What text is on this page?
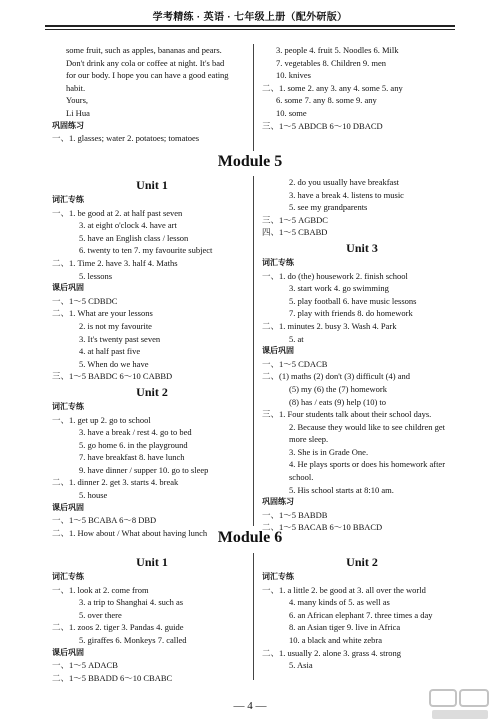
学考精练 · 英语 · 七年级上册（配外研版）
some fruit, such as apples, bananas and pears.
Don't drink any cola or coffee at night. It's bad
for our body. I hope you can have a good eating
habit.
Yours,
Li Hua
巩固练习
一、1. glasses; water 2. potatoes; tomatoes
3. people 4. fruit 5. Noodles 6. Milk
7. vegetables 8. Children 9. men
10. knives
二、1. some 2. any 3. any 4. some 5. any
6. some 7. any 8. some 9. any
10. some
三、1～5 ABDCB 6～10 DBACD
Module 5
Unit 1
词汇专练
一、1. be good at 2. at half past seven
3. at eight o'clock 4. have art
5. have an English class / lesson
6. twenty to ten 7. my favourite subject
二、1. Time 2. have 3. half 4. Maths
5. lessons
课后巩固
一、1～5 CDBDC
二、1. What are your lessons
2. is not my favourite
3. It's twenty past seven
4. at half past five
5. When do we have
三、1～5 BABDC 6～10 CABBD
Unit 2
词汇专练
一、1. get up 2. go to school
3. have a break / rest 4. go to bed
5. go home 6. in the playground
7. have breakfast 8. have lunch
9. have dinner / supper 10. go to sleep
二、1. dinner 2. get 3. starts 4. break
5. house
课后巩固
一、1～5 BCABA 6～8 DBD
二、1. How about / What about having lunch
2. do you usually have breakfast
3. have a break 4. listens to music
5. see my grandparents
三、1～5 AGBDC
四、1～5 CBABD
Unit 3
词汇专练
一、1. do (the) housework 2. finish school
3. start work 4. go swimming
5. play football 6. have music lessons
7. play with friends 8. do homework
二、1. minutes 2. busy 3. Wash 4. Park
5. at
课后巩固
一、1～5 CDACB
二、(1) maths (2) don't (3) difficult (4) and
(5) my (6) the (7) homework
(8) has / eats (9) help (10) to
三、1. Four students talk about their school days.
2. Because they would like to see children get
more sleep.
3. She is in Grade One.
4. He plays sports or does his homework after
school.
5. His school starts at 8:10 am.
巩固练习
一、1～5 BABDB
二、1～5 BACAB 6～10 BBACD
Module 6
Unit 1
词汇专练
一、1. look at 2. come from
3. a trip to Shanghai 4. such as
5. over there
二、1. zoos 2. tiger 3. Pandas 4. guide
5. giraffes 6. Monkeys 7. called
课后巩固
一、1～5 ADACB
二、1～5 BBADD 6～10 CBABC
Unit 2
词汇专练
一、1. a little 2. be good at 3. all over the world
4. many kinds of 5. as well as
6. an African elephant 7. three times a day
8. an Asian tiger 9. live in Africa
10. a black and white zebra
二、1. usually 2. alone 3. grass 4. strong
5. Asia
— 4 —
